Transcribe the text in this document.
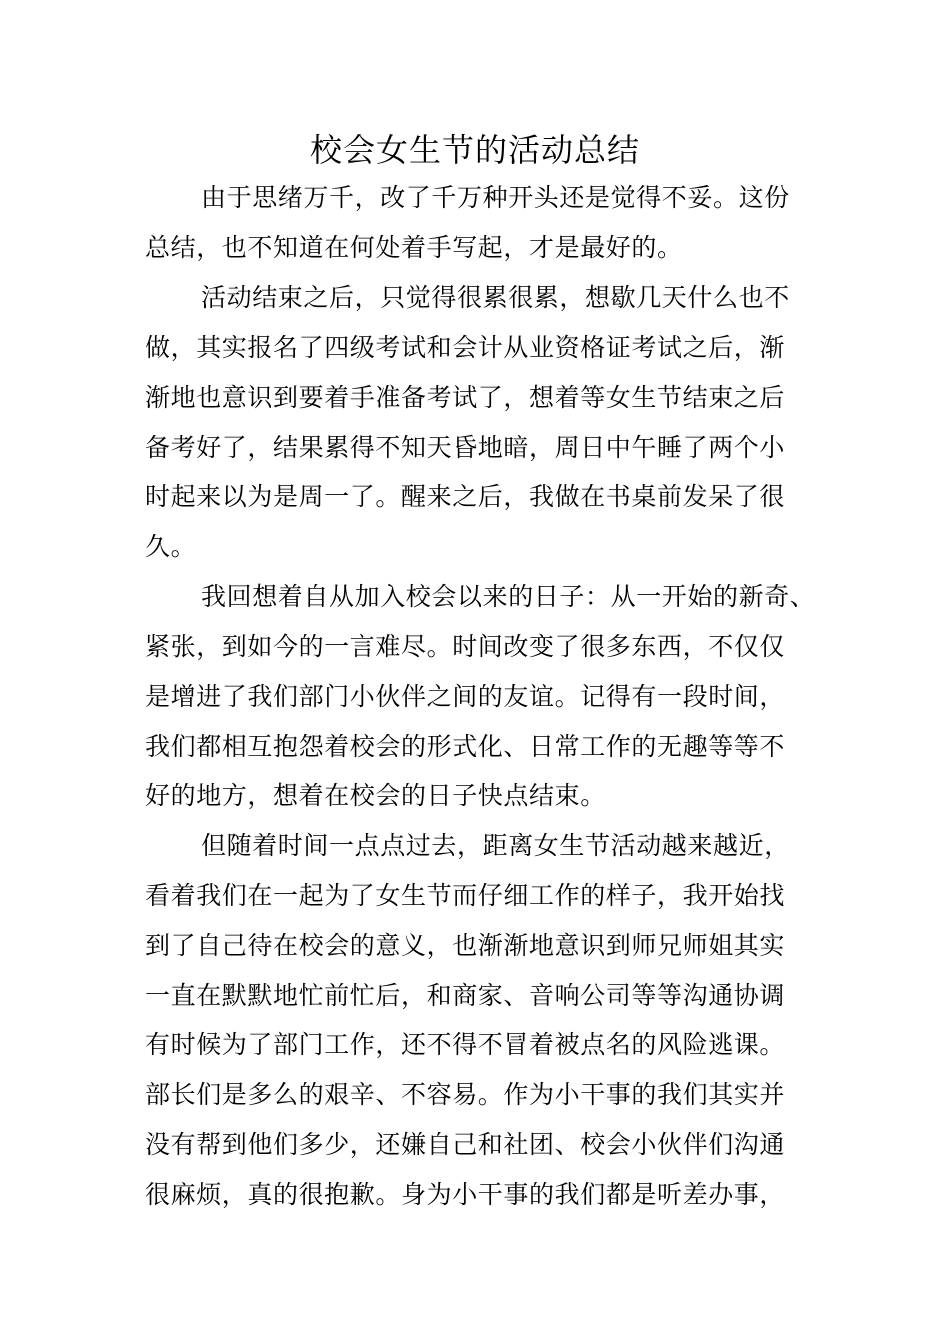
校会女生节的活动总结
由于思绪万千，改了千万种开头还是觉得不妥。这份
总结，也不知道在何处着手写起，才是最好的。
活动结束之后，只觉得很累很累，想歇几天什么也不
做，其实报名了四级考试和会计从业资格证考试之后，渐
渐地也意识到要着手准备考试了，想着等女生节结束之后
备考好了，结果累得不知天昏地暗，周日中午睡了两个小
时起来以为是周一了。醒来之后，我做在书桌前发呆了很
久。
我回想着自从加入校会以来的日子：从一开始的新奇、
紧张，到如今的一言难尽。时间改变了很多东西，不仅仅
是增进了我们部门小伙伴之间的友谊。记得有一段时间，
我们都相互抱怨着校会的形式化、日常工作的无趣等等不
好的地方，想着在校会的日子快点结束。
但随着时间一点点过去，距离女生节活动越来越近，
看着我们在一起为了女生节而仔细工作的样子，我开始找
到了自己待在校会的意义，也渐渐地意识到师兄师姐其实
一直在默默地忙前忙后，和商家、音响公司等等沟通协调
有时候为了部门工作，还不得不冒着被点名的风险逃课。
部长们是多么的艰辛、不容易。作为小干事的我们其实并
没有帮到他们多少，还嫌自己和社团、校会小伙伴们沟通
很麻烦，真的很抱歉。身为小干事的我们都是听差办事，
